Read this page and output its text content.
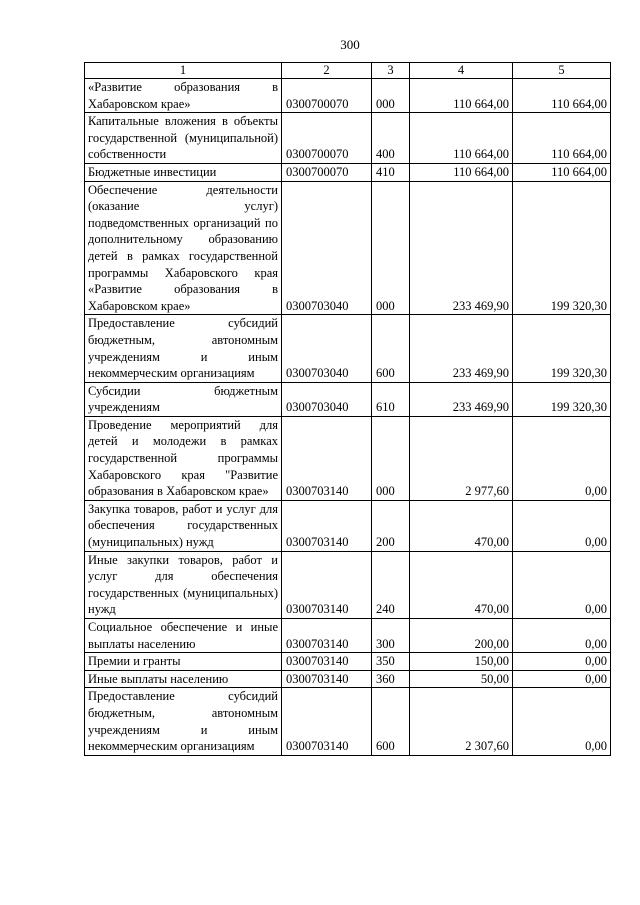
300
1	2	3	4	5
«Развитие образования в Хабаровском крае»	0300700070	000	110 664,00	110 664,00
Капитальные вложения в объекты государственной (муниципальной) собственности	0300700070	400	110 664,00	110 664,00
Бюджетные инвестиции	0300700070	410	110 664,00	110 664,00
Обеспечение деятельности (оказание услуг) подведомственных организаций по дополнительному образованию детей в рамках государственной программы Хабаровского края «Развитие образования в Хабаровском крае»	0300703040	000	233 469,90	199 320,30
Предоставление субсидий бюджетным, автономным учреждениям и иным некоммерческим организациям	0300703040	600	233 469,90	199 320,30
Субсидии бюджетным учреждениям	0300703040	610	233 469,90	199 320,30
Проведение мероприятий для детей и молодежи в рамках государственной программы Хабаровского края "Развитие образования в Хабаровском крае»	0300703140	000	2 977,60	0,00
Закупка товаров, работ и услуг для обеспечения государственных (муниципальных) нужд	0300703140	200	470,00	0,00
Иные закупки товаров, работ и услуг для обеспечения государственных (муниципальных) нужд	0300703140	240	470,00	0,00
Социальное обеспечение и иные выплаты населению	0300703140	300	200,00	0,00
Премии и гранты	0300703140	350	150,00	0,00
Иные выплаты населению	0300703140	360	50,00	0,00
Предоставление субсидий бюджетным, автономным учреждениям и иным некоммерческим организациям	0300703140	600	2 307,60	0,00
